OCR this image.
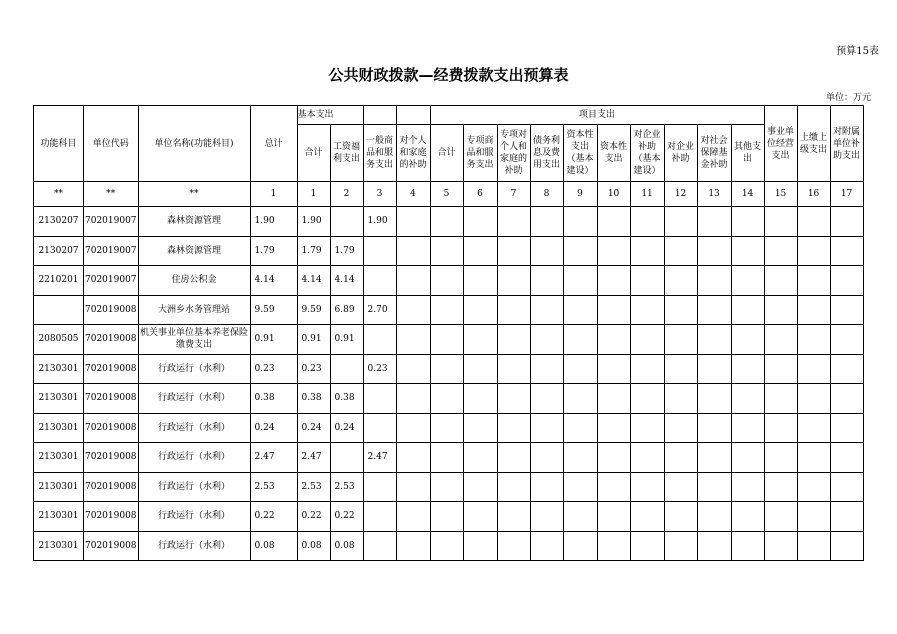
预算15表
公共财政拨款—经费拨款支出预算表
单位：万元
功能科目	单位代码	单位名称(功能科目)	总计	基本支出				项目支出										事业单位经营支出	上缴上级支出	对附属单位补助支出
				合计	工资福利支出	一般商品和服务支出	对个人和家庭的补助	合计	专项商品和服务支出	专项对个人和家庭的补助	债务利息及费用支出	资本性支出（基本建设）	资本性支出	对企业补助（基本建设）	对企业补助	对社会保障基金补助	其他支出			
**	**	**	1	1	2	3	4	5	6	7	8	9	10	11	12	13	14	15	16	17
2130207	702019007	森林资源管理	1.90	1.90		1.90														
2130207	702019007	森林资源管理	1.79	1.79	1.79															
2210201	702019007	住房公积金	4.14	4.14	4.14															
	702019008	大洲乡水务管理站	9.59	9.59	6.89	2.70														
2080505	702019008	机关事业单位基本养老保险缴费支出	0.91	0.91	0.91															
2130301	702019008	行政运行（水利）	0.23	0.23		0.23														
2130301	702019008	行政运行（水利）	0.38	0.38	0.38															
2130301	702019008	行政运行（水利）	0.24	0.24	0.24															
2130301	702019008	行政运行（水利）	2.47	2.47		2.47														
2130301	702019008	行政运行（水利）	2.53	2.53	2.53															
2130301	702019008	行政运行（水利）	0.22	0.22	0.22															
2130301	702019008	行政运行（水利）	0.08	0.08	0.08															
